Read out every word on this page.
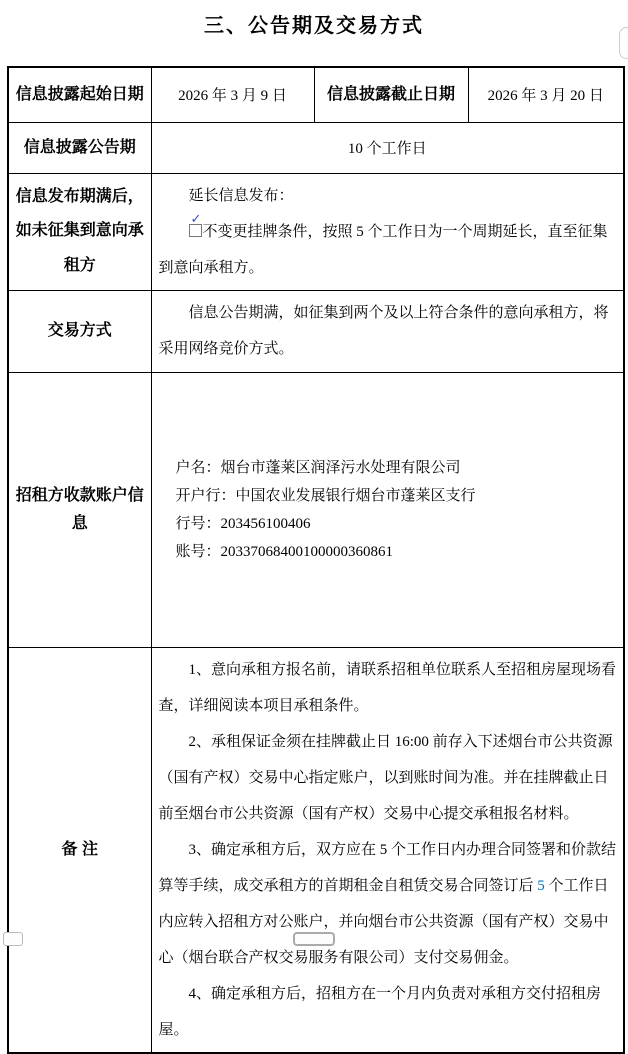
三、公告期及交易方式
信息披露起始日期	2026 年 3 月 9 日	信息披露截止日期	2026 年 3 月 20 日
信息披露公告期	10 个工作日		
信息发布期满后，如未征集到意向承租方	延长信息发布：

✓
不变更挂牌条件，按照 5 个工作日为一个周期延长，直至征集到意向承租方。		

交易方式	信息公告期满，如征集到两个及以上符合条件的意向承租方，将采用网络竞价方式。		

招租方收款账户信息	户名：烟台市蓬莱区润泽污水处理有限公司

开户行：中国农业发展银行烟台市蓬莱区支行

行号：203456100406

账号：20337068400100000360861		

备 注	1、意向承租方报名前，请联系招租单位联系人至招租房屋现场看查，详细阅读本项目承租条件。

2、承租保证金须在挂牌截止日 16:00 前存入下述烟台市公共资源（国有产权）交易中心指定账户，以到账时间为准。并在挂牌截止日前至烟台市公共资源（国有产权）交易中心提交承租报名材料。

3、确定承租方后，双方应在 5 个工作日内办理合同签署和价款结算等手续，成交承租方的首期租金自租赁交易合同签订后 5 个工作日内应转入招租方对公账户，并向烟台市公共资源（国有产权）交易中心（烟台联合产权交易服务有限公司）支付交易佣金。

4、确定承租方后，招租方在一个月内负责对承租方交付招租房屋。		
